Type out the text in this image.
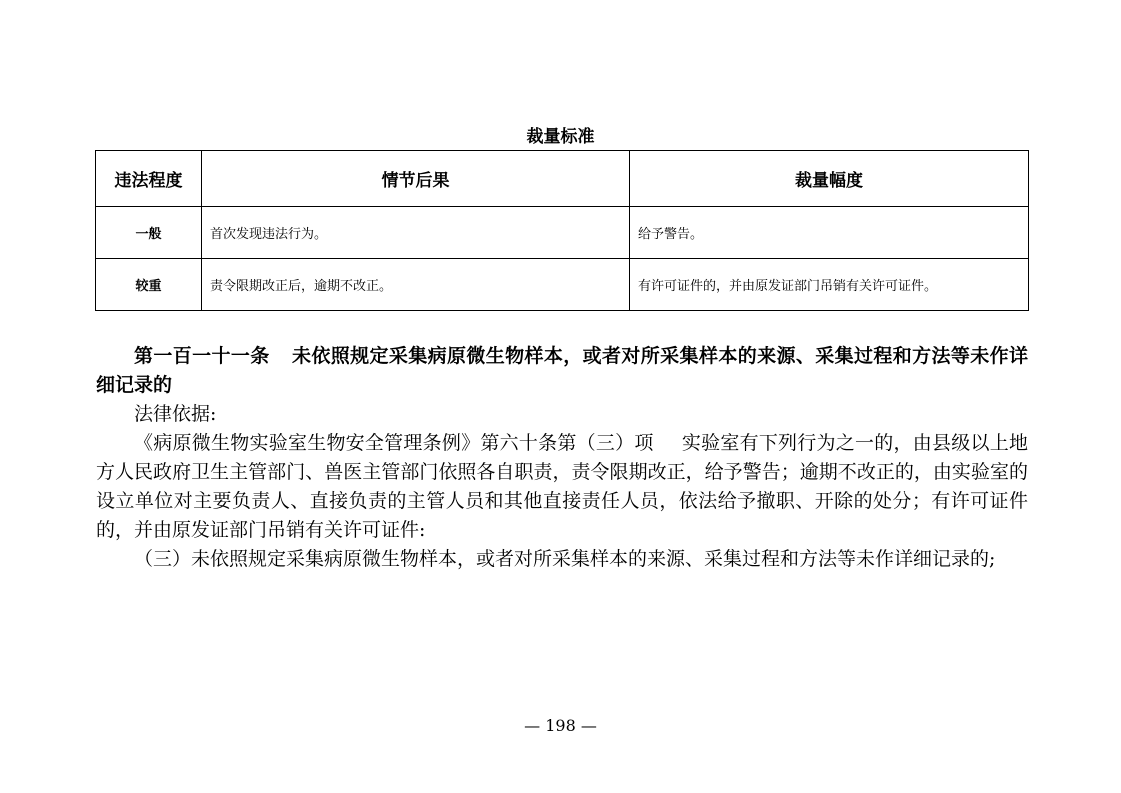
裁量标准
违法程度	情节后果	裁量幅度
一般	首次发现违法行为。	给予警告。
较重	责令限期改正后，逾期不改正。	有许可证件的，并由原发证部门吊销有关许可证件。

第一百一十一条 未依照规定采集病原微生物样本，或者对所采集样本的来源、采集过程和方法等未作详细记录的

法律依据:

《病原微生物实验室生物安全管理条例》第六十条第（三）项 实验室有下列行为之一的，由县级以上地方人民政府卫生主管部门、兽医主管部门依照各自职责，责令限期改正，给予警告；逾期不改正的，由实验室的设立单位对主要负责人、直接负责的主管人员和其他直接责任人员，依法给予撤职、开除的处分；有许可证件的，并由原发证部门吊销有关许可证件:

（三）未依照规定采集病原微生物样本，或者对所采集样本的来源、采集过程和方法等未作详细记录的;

— 198 —
